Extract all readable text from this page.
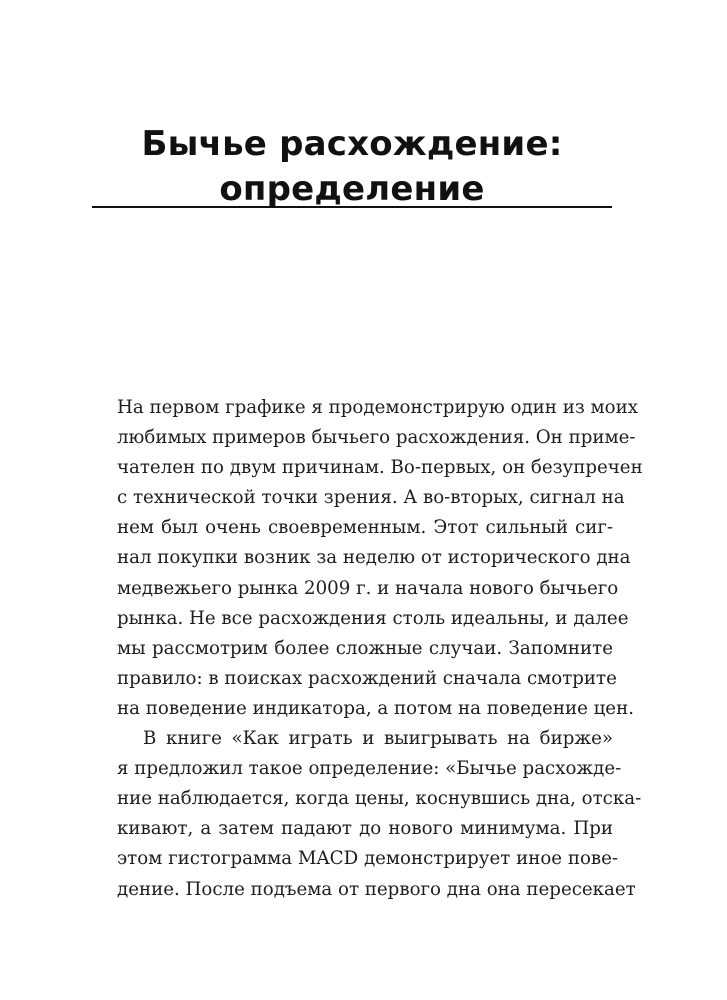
Бычье расхождение:
определение
На первом графике я продемонстрирую один из моих
любимых примеров бычьего расхождения. Он приме-
чателен по двум причинам. Во-первых, он безупречен
с технической точки зрения. А во-вторых, сигнал на
нем был очень своевременным. Этот сильный сиг-
нал покупки возник за неделю от исторического дна
медвежьего рынка 2009 г. и начала нового бычьего
рынка. Не все расхождения столь идеальны, и далее
мы рассмотрим более сложные случаи. Запомните
правило: в поисках расхождений сначала смотрите
на поведение индикатора, а потом на поведение цен.
В книге «Как играть и выигрывать на бирже»
я предложил такое определение: «Бычье расхожде-
ние наблюдается, когда цены, коснувшись дна, отска-
кивают, а затем падают до нового минимума. При
этом гистограмма MACD демонстрирует иное пове-
дение. После подъема от первого дна она пересекает
